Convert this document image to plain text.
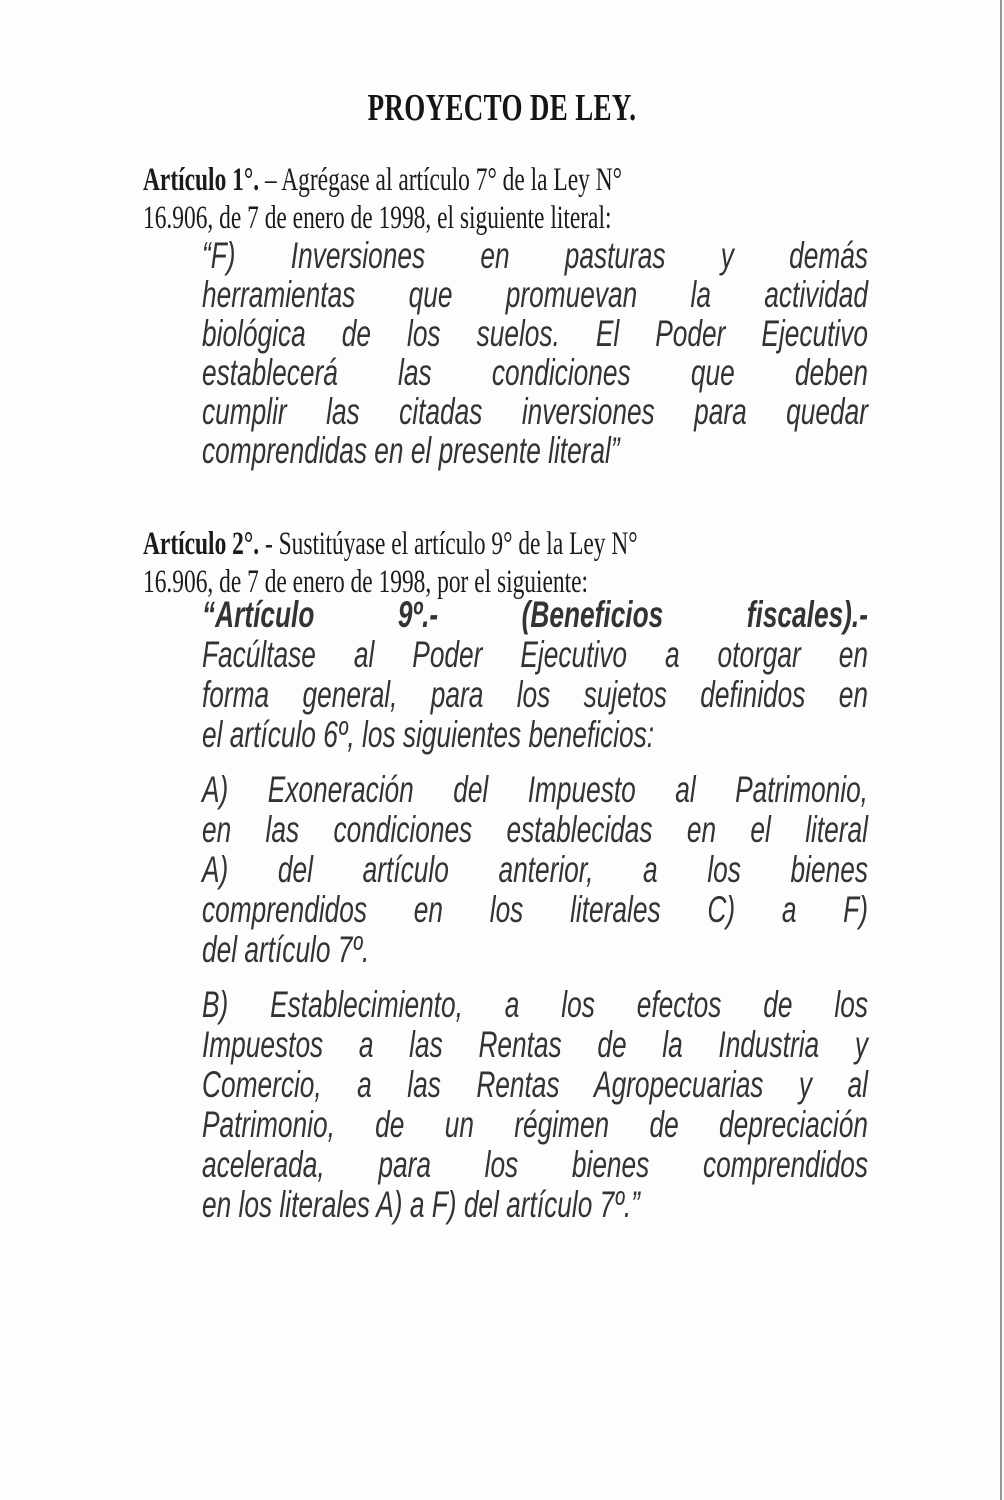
PROYECTO DE LEY.
Artículo 1°. – Agrégase al artículo 7° de la Ley N°
16.906, de 7 de enero de 1998, el siguiente literal:
“F) Inversiones en pasturas y demás
herramientas que promuevan la actividad
biológica de los suelos. El Poder Ejecutivo
establecerá las condiciones que deben
cumplir las citadas inversiones para quedar
comprendidas en el presente literal”
Artículo 2°. - Sustitúyase el artículo 9° de la Ley N°
16.906, de 7 de enero de 1998, por el siguiente:
“Artículo 9º.- (Beneficios fiscales).-
Facúltase al Poder Ejecutivo a otorgar en
forma general, para los sujetos definidos en
el artículo 6º, los siguientes beneficios:
A) Exoneración del Impuesto al Patrimonio,
en las condiciones establecidas en el literal
A) del artículo anterior, a los bienes
comprendidos en los literales C) a F)
del artículo 7º.
B) Establecimiento, a los efectos de los
Impuestos a las Rentas de la Industria y
Comercio, a las Rentas Agropecuarias y al
Patrimonio, de un régimen de depreciación
acelerada, para los bienes comprendidos
en los literales A) a F) del artículo 7º.”
